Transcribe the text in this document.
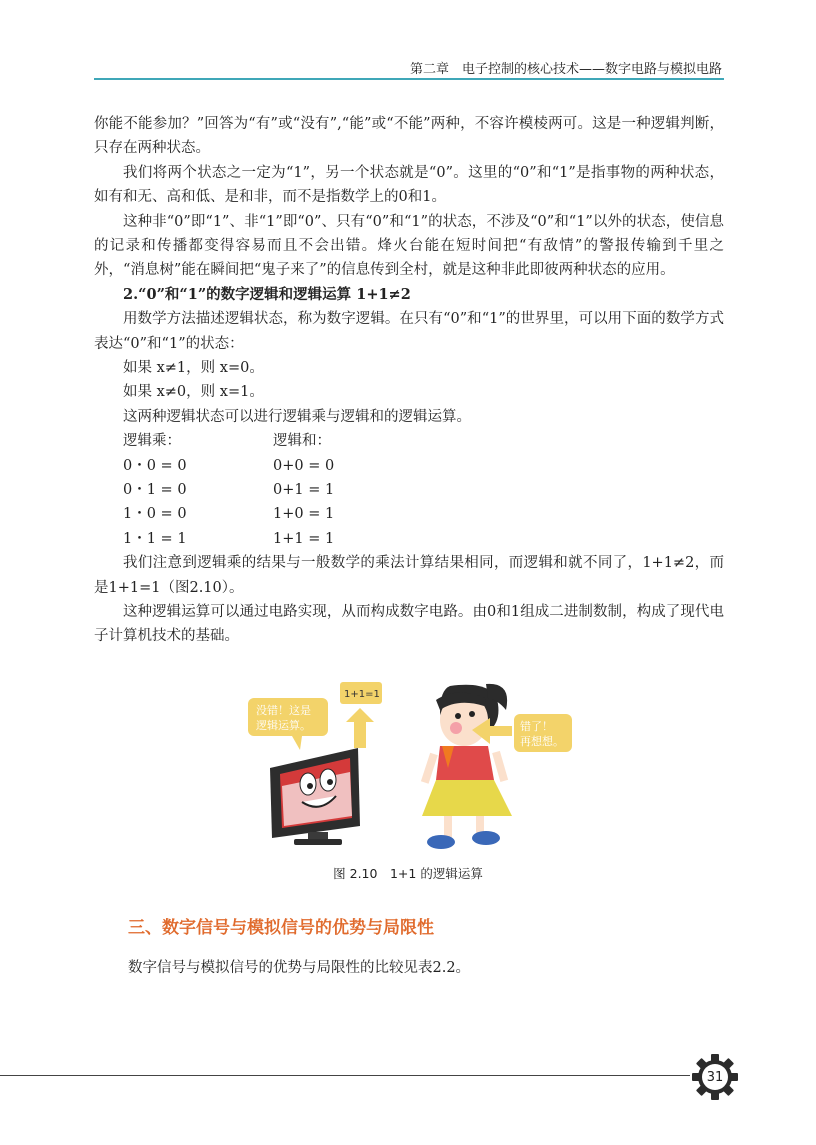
第二章　电子控制的核心技术——数字电路与模拟电路

你能不能参加？”回答为“有”或“没有”,“能”或“不能”两种，不容许模棱两可。这是一种逻辑判断，只存在两种状态。

我们将两个状态之一定为“1”，另一个状态就是“0”。这里的“0”和“1”是指事物的两种状态，如有和无、高和低、是和非，而不是指数学上的0和1。

这种非“0”即“1”、非“1”即“0”、只有“0”和“1”的状态，不涉及“0”和“1”以外的状态，使信息的记录和传播都变得容易而且不会出错。烽火台能在短时间把“有敌情”的警报传输到千里之外，“消息树”能在瞬间把“鬼子来了”的信息传到全村，就是这种非此即彼两种状态的应用。

2.“0”和“1”的数字逻辑和逻辑运算 1+1≠2

用数学方法描述逻辑状态，称为数字逻辑。在只有“0”和“1”的世界里，可以用下面的数学方式表达“0”和“1”的状态：

如果 x≠1，则 x=0。

如果 x≠0，则 x=1。

这两种逻辑状态可以进行逻辑乘与逻辑和的逻辑运算。

逻辑乘：	逻辑和：
0・0 = 0	0+0 = 0
0・1 = 0	0+1 = 1
1・0 = 0	1+0 = 1
1・1 = 1	1+1 = 1

我们注意到逻辑乘的结果与一般数学的乘法计算结果相同，而逻辑和就不同了，1+1≠2，而是1+1=1（图2.10）。

这种逻辑运算可以通过电路实现，从而构成数字电路。由0和1组成二进制数制，构成了现代电子计算机技术的基础。

没错！这是
逻辑运算。
1+1=1
错了！
再想想。
图 2.10　1+1 的逻辑运算
三、数字信号与模拟信号的优势与局限性
数字信号与模拟信号的优势与局限性的比较见表2.2。
31
